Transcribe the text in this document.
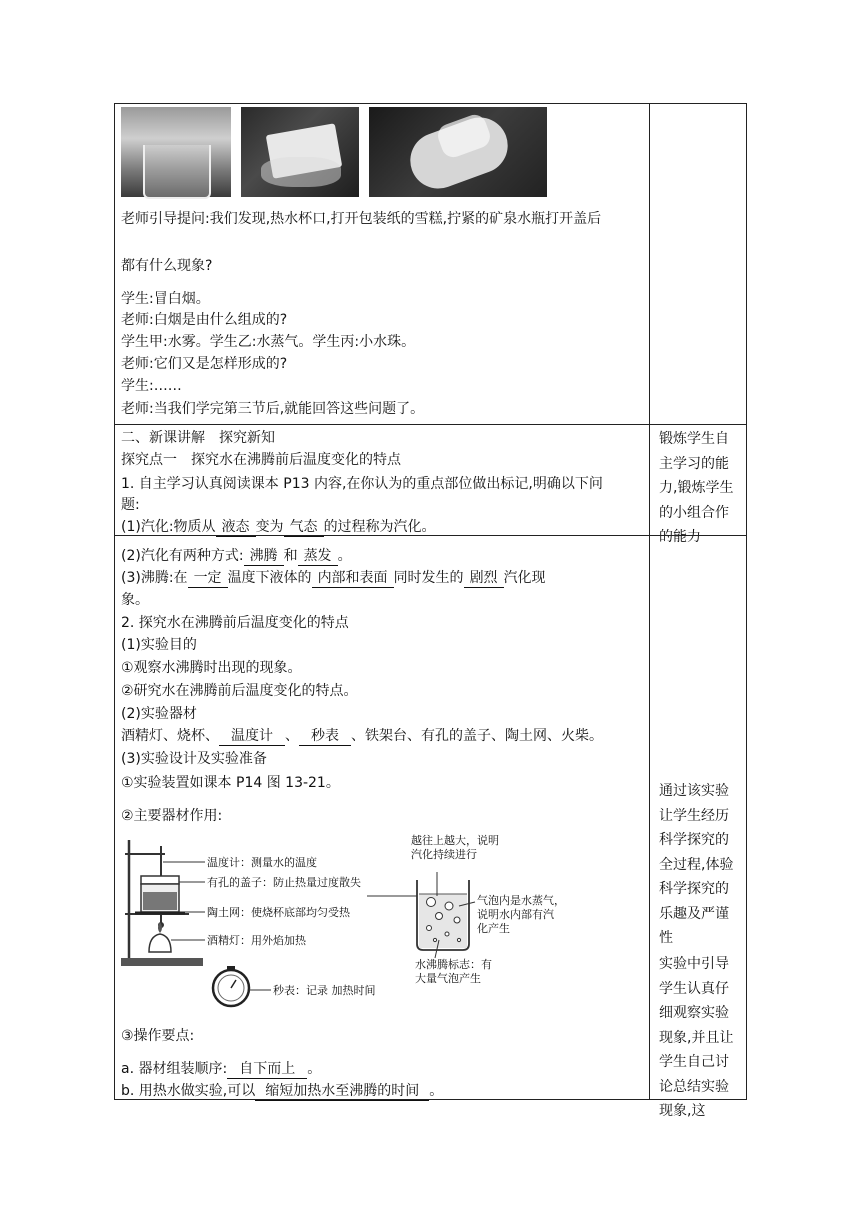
老师引导提问:我们发现,热水杯口,打开包装纸的雪糕,拧紧的矿泉水瓶打开盖后
都有什么现象?
学生:冒白烟。
老师:白烟是由什么组成的?
学生甲:水雾。学生乙:水蒸气。学生丙:小水珠。
老师:它们又是怎样形成的?
学生:……
老师:当我们学完第三节后,就能回答这些问题了。
二、新课讲解　探究新知
探究点一　探究水在沸腾前后温度变化的特点
1. 自主学习认真阅读课本 P13 内容,在你认为的重点部位做出标记,明确以下问
题:
(1)汽化:物质从 液态 变为 气态 的过程称为汽化。
锻炼学生自主学习的能力,锻炼学生的小组合作的能力
(2)汽化有两种方式: 沸腾 和 蒸发 。
(3)沸腾:在 一定 温度下液体的 内部和表面 同时发生的 剧烈 汽化现
象。
2. 探究水在沸腾前后温度变化的特点
(1)实验目的
①观察水沸腾时出现的现象。
②研究水在沸腾前后温度变化的特点。
(2)实验器材
酒精灯、烧杯、 温度计 、 秒表 、铁架台、有孔的盖子、陶土网、火柴。
(3)实验设计及实验准备
①实验装置如课本 P14 图 13-21。
②主要器材作用:
温度计：测量水的温度
有孔的盖子：防止热量过度散失
陶土网：使烧杯底部均匀受热
酒精灯：用外焰加热
秒表：记录 加热时间
越往上越大，说明
汽化持续进行
气泡内是水蒸气，
说明水内部有汽
化产生
水沸腾标志：有
大量气泡产生
③操作要点:
a. 器材组装顺序: 自下而上 。
b. 用热水做实验,可以 缩短加热水至沸腾的时间 。
通过该实验让学生经历科学探究的全过程,体验科学探究的乐趣及严谨性
实验中引导学生认真仔细观察实验现象,并且让学生自己讨论总结实验现象,这
